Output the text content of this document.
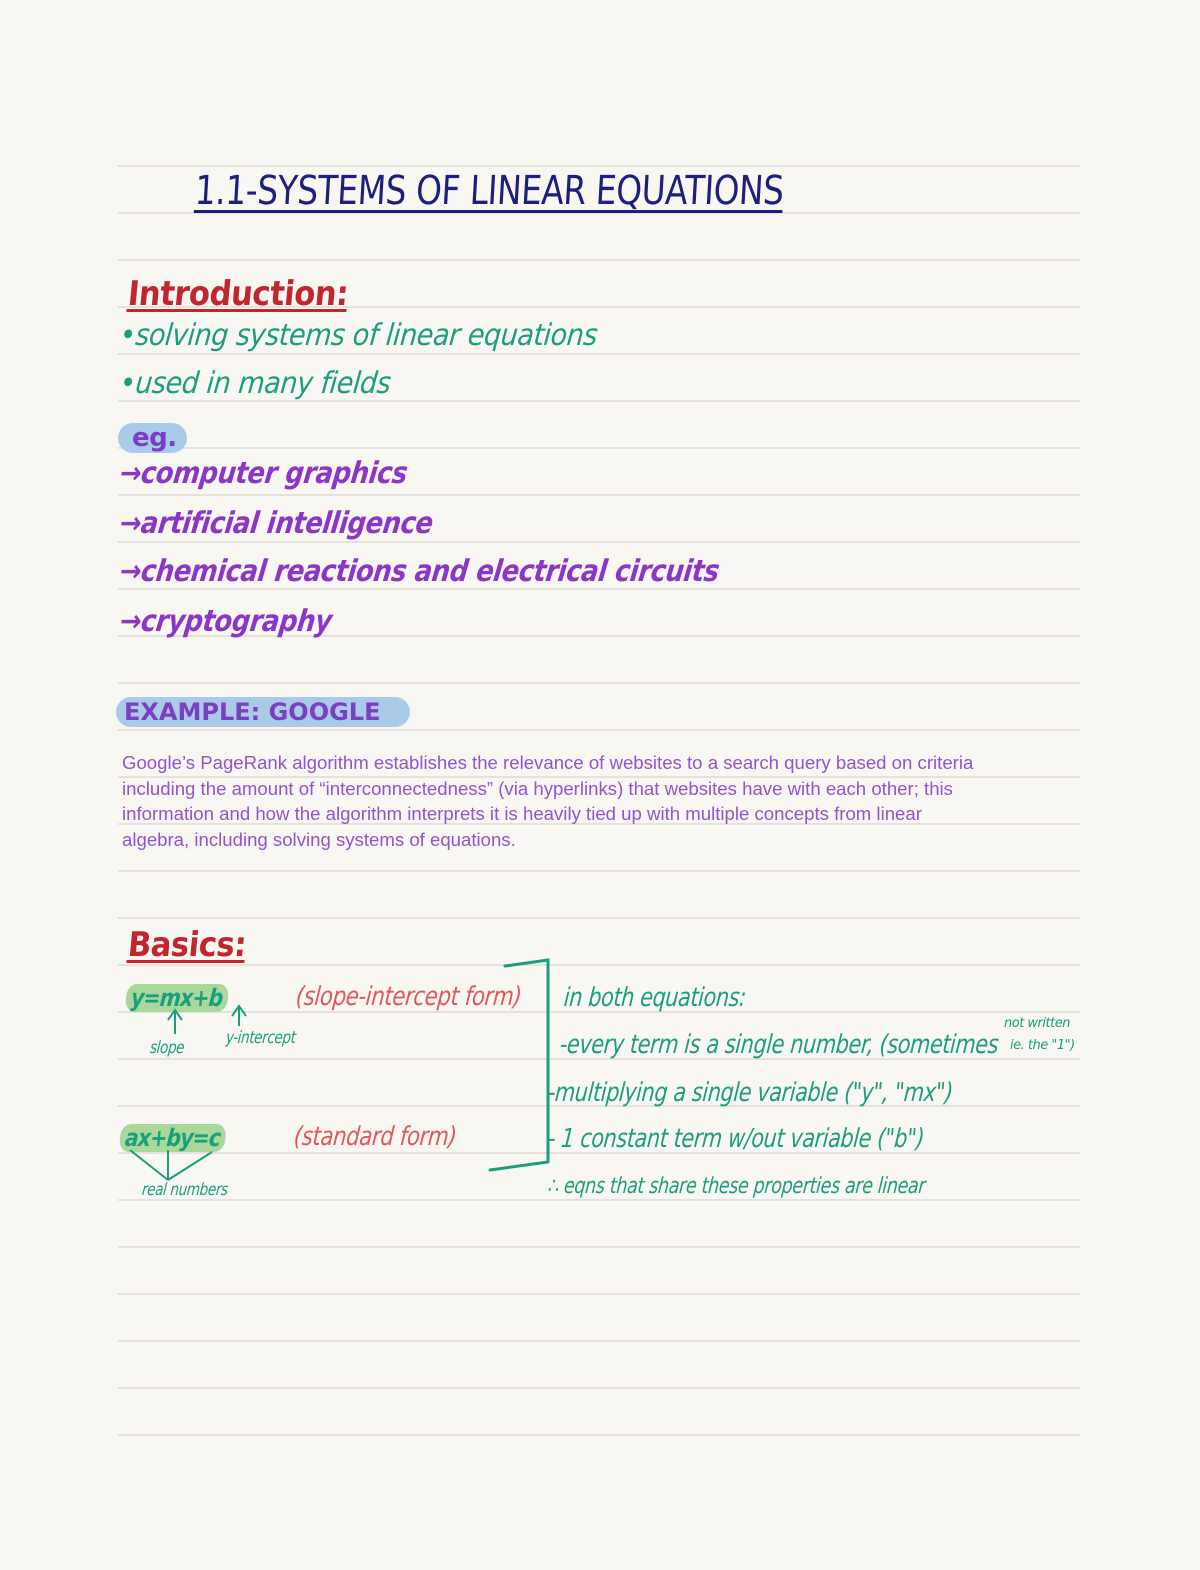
1.1-SYSTEMS OF LINEAR EQUATIONS
Introduction:
•solving systems of linear equations
•used in many fields
eg.
→computer graphics
→artificial intelligence
→chemical reactions and electrical circuits
→cryptography
EXAMPLE: GOOGLE

Google’s PageRank algorithm establishes the relevance of websites to a search query based on criteria including the amount of “interconnectedness” (via hyperlinks) that websites have with each other; this information and how the algorithm interprets it is heavily tied up with multiple concepts from linear algebra, including solving systems of equations.

Basics:
y=mx+b	(slope-intercept form)
slope y-intercept
ax+by=c	(standard form)
real numbers
in both equations:
-every term is a single number, (sometimes
not written
ie. the "1")
-multiplying a single variable ("y", "mx")
- 1 constant term w/out variable ("b")
∴ eqns that share these properties are linear
